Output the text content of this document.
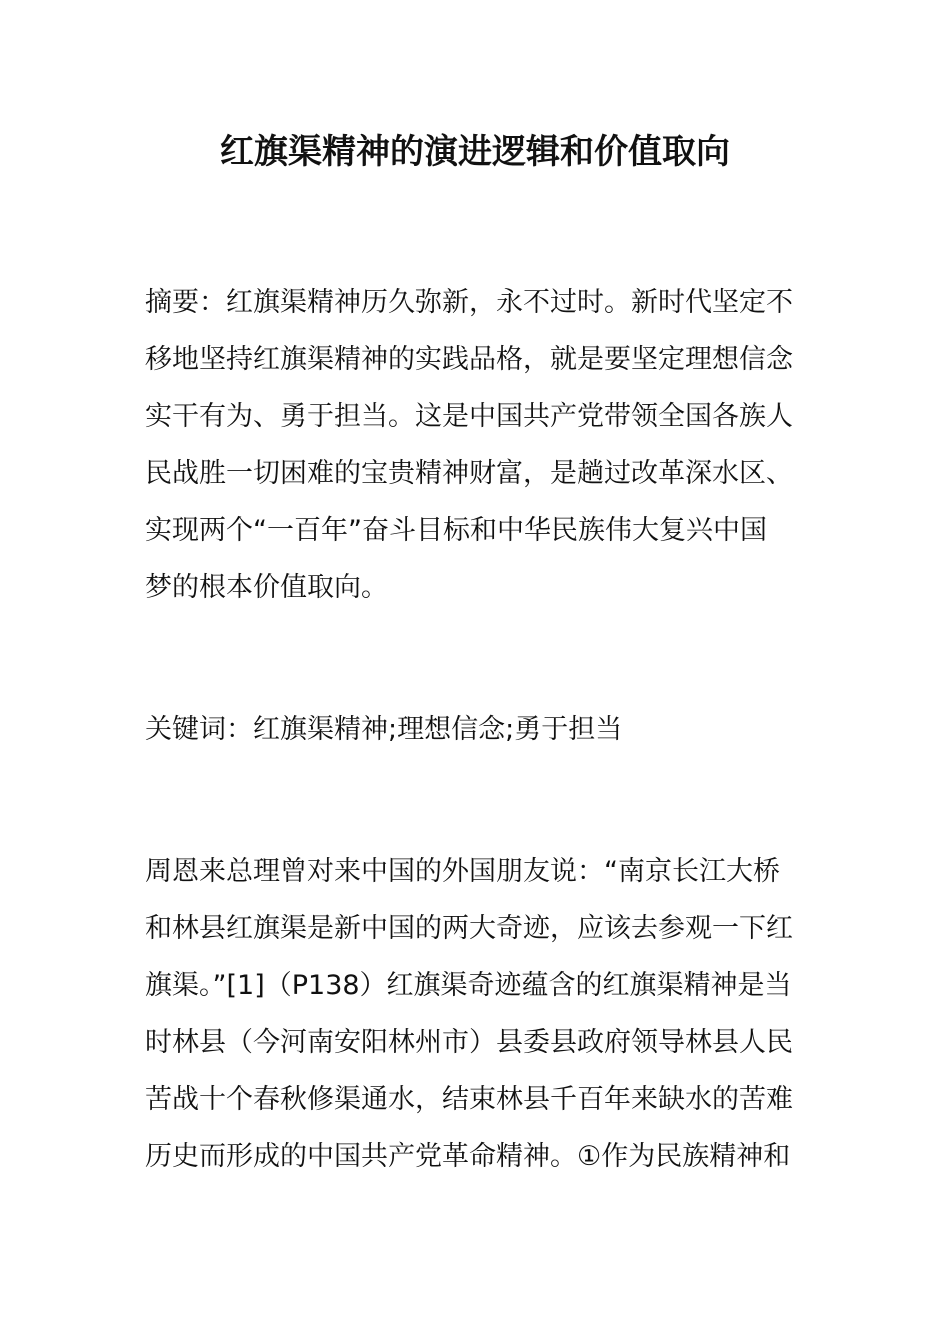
红旗渠精神的演进逻辑和价值取向
摘要：红旗渠精神历久弥新，永不过时。新时代坚定不
移地坚持红旗渠精神的实践品格，就是要坚定理想信念
实干有为、勇于担当。这是中国共产党带领全国各族人
民战胜一切困难的宝贵精神财富，是趟过改革深水区、
实现两个“一百年”奋斗目标和中华民族伟大复兴中国
梦的根本价值取向。
关键词：红旗渠精神;理想信念;勇于担当
周恩来总理曾对来中国的外国朋友说：“南京长江大桥
和林县红旗渠是新中国的两大奇迹，应该去参观一下红
旗渠。”[1]（P138）红旗渠奇迹蕴含的红旗渠精神是当
时林县（今河南安阳林州市）县委县政府领导林县人民
苦战十个春秋修渠通水，结束林县千百年来缺水的苦难
历史而形成的中国共产党革命精神。①作为民族精神和
